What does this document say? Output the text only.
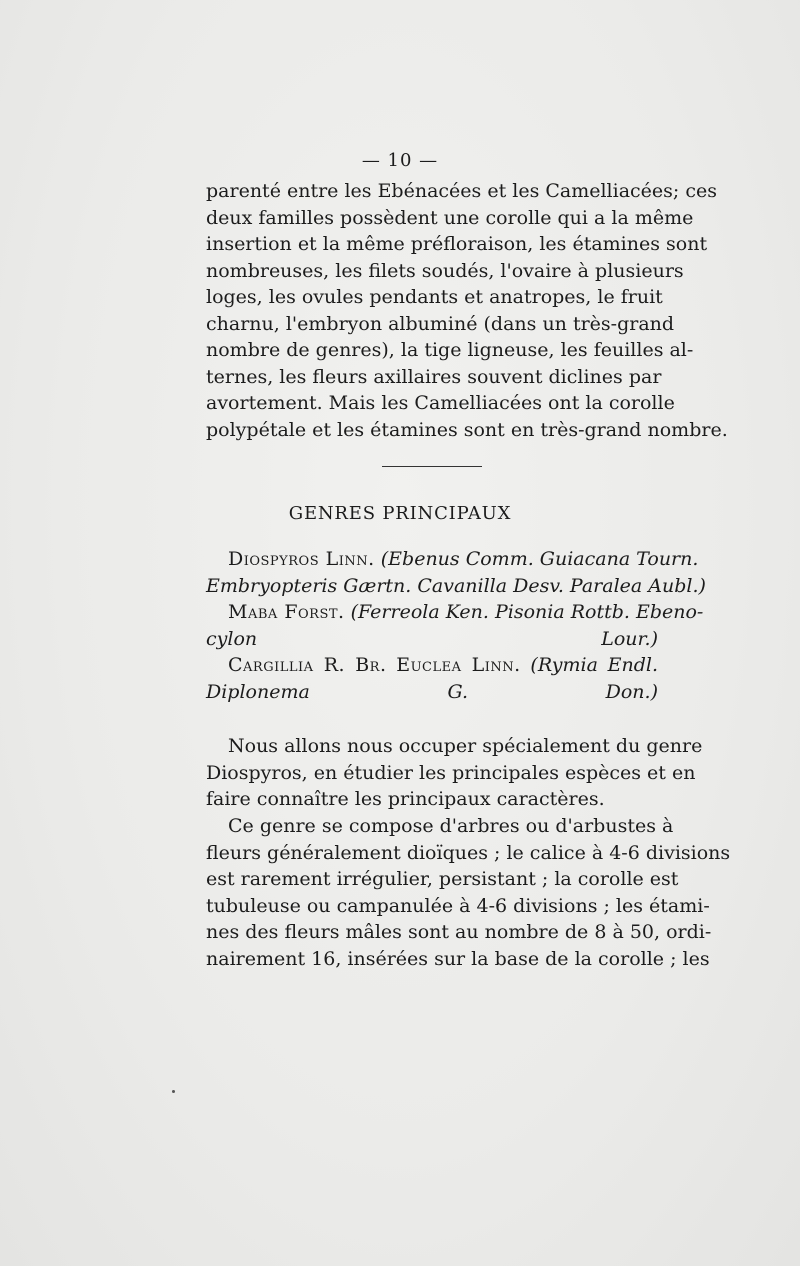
— 10 —
parenté entre les Ebénacées et les Camelliacées; ces
deux familles possèdent une corolle qui a la même
insertion et la même préfloraison, les étamines sont
nombreuses, les filets soudés, l'ovaire à plusieurs
loges, les ovules pendants et anatropes, le fruit
charnu, l'embryon albuminé (dans un très-grand
nombre de genres), la tige ligneuse, les feuilles al-
ternes, les fleurs axillaires souvent diclines par
avortement. Mais les Camelliacées ont la corolle
polypétale et les étamines sont en très-grand nombre.
GENRES PRINCIPAUX
Diospyros Linn. (Ebenus Comm. Guiacana Tourn.
Embryopteris Gærtn. Cavanilla Desv. Paralea Aubl.)
Maba Forst. (Ferreola Ken. Pisonia Rottb. Ebeno-
cylon Lour.)
Cargillia R. Br. Euclea Linn. (Rymia Endl.
Diplonema G. Don.)
Nous allons nous occuper spécialement du genre
Diospyros, en étudier les principales espèces et en
faire connaître les principaux caractères.
Ce genre se compose d'arbres ou d'arbustes à
fleurs généralement dioïques ; le calice à 4-6 divisions
est rarement irrégulier, persistant ; la corolle est
tubuleuse ou campanulée à 4-6 divisions ; les étami-
nes des fleurs mâles sont au nombre de 8 à 50, ordi-
nairement 16, insérées sur la base de la corolle ; les
